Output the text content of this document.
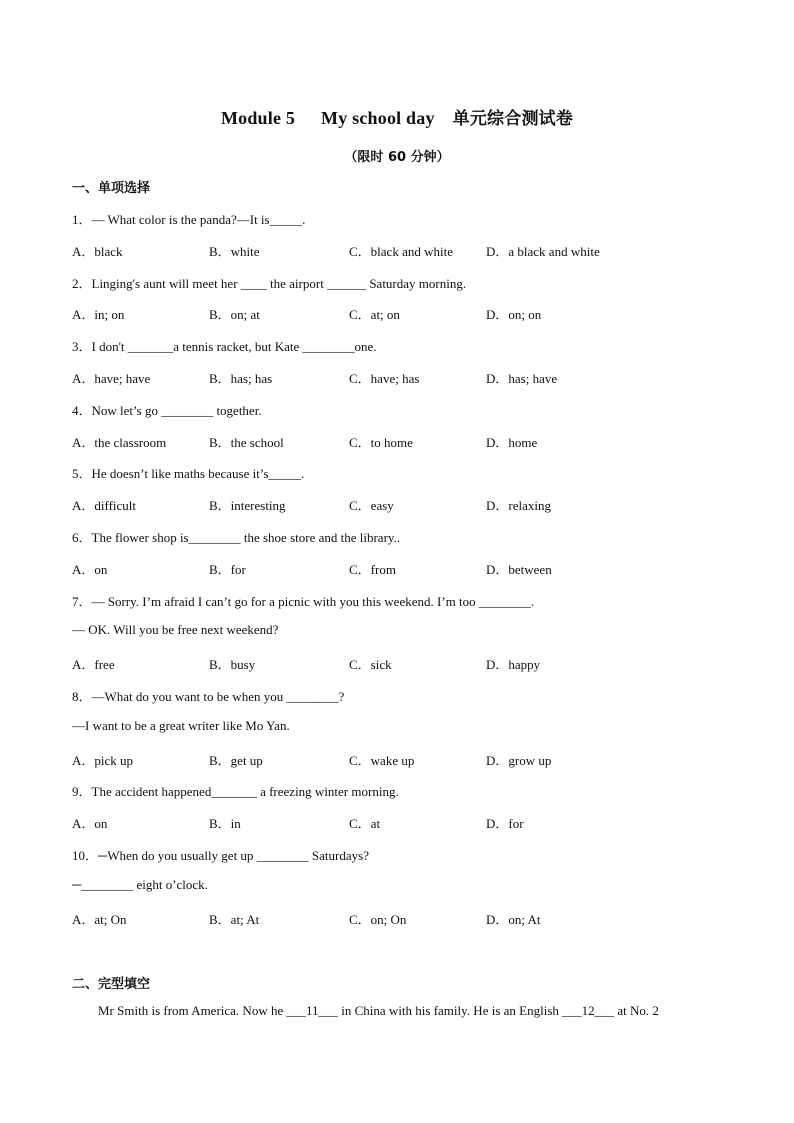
Module 5 My school day 单元综合测试卷
（限时 60 分钟）
一、单项选择
1．— What color is the panda?—It is_____.
A．black	B．white	C．black and white	D．a black and white
2．Linging's aunt will meet her ____ the airport ______ Saturday morning.
A．in; on	B．on; at	C．at; on	D．on; on
3．I don't _______a tennis racket, but Kate ________one.
A．have; have	B．has; has	C．have; has	D．has; have
4．Now let’s go ________ together.
A．the classroom	B．the school	C．to home	D．home
5．He doesn’t like maths because it’s_____.
A．difficult	B．interesting	C．easy	D．relaxing
6．The flower shop is________ the shoe store and the library..
A．on	B．for	C．from	D．between
7．— Sorry. I’m afraid I can’t go for a picnic with you this weekend. I’m too ________.
— OK. Will you be free next weekend?
A．free	B．busy	C．sick	D．happy
8．—What do you want to be when you ________?
—I want to be a great writer like Mo Yan.
A．pick up	B．get up	C．wake up	D．grow up
9．The accident happened_______ a freezing winter morning.
A．on	B．in	C．at	D．for
10．─When do you usually get up ________ Saturdays?
─________ eight o’clock.
A．at; On	B．at; At	C．on; On	D．on; At
二、完型填空
Mr Smith is from America. Now he ___11___ in China with his family. He is an English ___12___ at No. 2
